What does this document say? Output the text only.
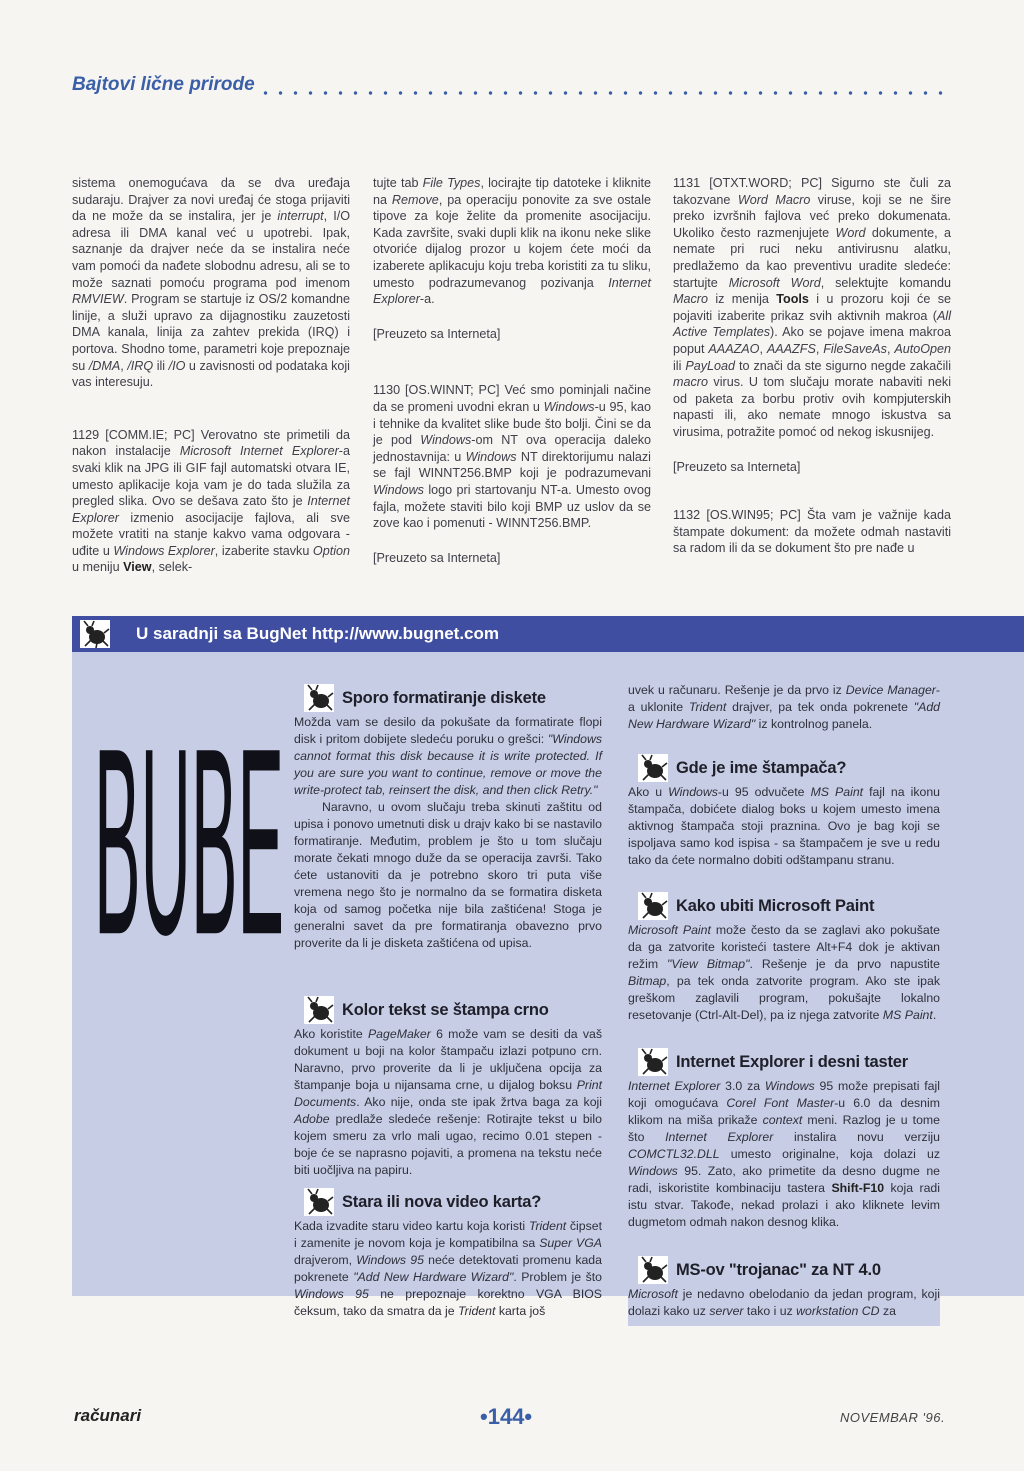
Bajtovi lične prirode

sistema onemogućava da se dva uređaja sudaraju. Drajver za novi uređaj će stoga prijaviti da ne može da se instalira, jer je interrupt, I/O adresa ili DMA kanal već u upotrebi. Ipak, saznanje da drajver neće da se instalira neće vam pomoći da nađete slobodnu adresu, ali se to može saznati pomoću programa pod imenom RMVIEW. Program se startuje iz OS/2 komandne linije, a služi upravo za dijagnostiku zauzetosti DMA kanala, linija za zahtev prekida (IRQ) i portova. Shodno tome, parametri koje prepoznaje su /DMA, /IRQ ili /IO u zavisnosti od podataka koji vas interesuju.

1129 [COMM.IE; PC] Verovatno ste primetili da nakon instalacije Microsoft Internet Explorer-a svaki klik na JPG ili GIF fajl automatski otvara IE, umesto aplikacije koja vam je do tada služila za pregled slika. Ovo se dešava zato što je Internet Explorer izmenio asocijacije fajlova, ali sve možete vratiti na stanje kakvo vama odgovara - uđite u Windows Explorer, izaberite stavku Option u meniju View, selek-

tujte tab File Types, locirajte tip datoteke i kliknite na Remove, pa operaciju ponovite za sve ostale tipove za koje želite da promenite asocijaciju. Kada završite, svaki dupli klik na ikonu neke slike otvoriće dijalog prozor u kojem ćete moći da izaberete aplikacuju koju treba koristiti za tu sliku, umesto podrazumevanog pozivanja Internet Explorer-a.

[Preuzeto sa Interneta]

1130 [OS.WINNT; PC] Već smo pominjali načine da se promeni uvodni ekran u Windows-u 95, kao i tehnike da kvalitet slike bude što bolji. Čini se da je pod Windows-om NT ova operacija daleko jednostavnija: u Windows NT direktorijumu nalazi se fajl WINNT256.BMP koji je podrazumevani Windows logo pri startovanju NT-a. Umesto ovog fajla, možete staviti bilo koji BMP uz uslov da se zove kao i pomenuti - WINNT256.BMP.

[Preuzeto sa Interneta]

1131 [OTXT.WORD; PC] Sigurno ste čuli za takozvane Word Macro viruse, koji se ne šire preko izvršnih fajlova već preko dokumenata. Ukoliko često razmenjujete Word dokumente, a nemate pri ruci neku antivirusnu alatku, predlažemo da kao preventivu uradite sledeće: startujte Microsoft Word, selektujte komandu Macro iz menija Tools i u prozoru koji će se pojaviti izaberite prikaz svih aktivnih makroa (All Active Templates). Ako se pojave imena makroa poput AAAZAO, AAAZFS, FileSaveAs, AutoOpen ili PayLoad to znači da ste sigurno negde zakačili macro virus. U tom slučaju morate nabaviti neki od paketa za borbu protiv ovih kompjuterskih napasti ili, ako nemate mnogo iskustva sa virusima, potražite pomoć od nekog iskusnijeg.

[Preuzeto sa Interneta]

1132 [OS.WIN95; PC] Šta vam je važnije kada štampate dokument: da možete odmah nastaviti sa radom ili da se dokument što pre nađe u

U saradnji sa BugNet http://www.bugnet.com
BUBE	Sporo formatiranje diskete

Možda vam se desilo da pokušate da formatirate flopi disk i pritom dobijete sledeću poruku o grešci: "Windows cannot format this disk because it is write protected. If you are sure you want to continue, remove or move the write-protect tab, reinsert the disk, and then click Retry."

Naravno, u ovom slučaju treba skinuti zaštitu od upisa i ponovo umetnuti disk u drajv kako bi se nastavilo formatiranje. Međutim, problem je što u tom slučaju morate čekati mnogo duže da se operacija završi. Tako ćete ustanoviti da je potrebno skoro tri puta više vremena nego što je normalno da se formatira disketa koja od samog početka nije bila zaštićena! Stoga je generalni savet da pre formatiranja obavezno prvo proverite da li je disketa zaštićena od upisa.

Kolor tekst se štampa crno

Ako koristite PageMaker 6 može vam se desiti da vaš dokument u boji na kolor štampaču izlazi potpuno crn. Naravno, prvo proverite da li je uključena opcija za štampanje boja u nijansama crne, u dijalog boksu Print Documents. Ako nije, onda ste ipak žrtva baga za koji Adobe predlaže sledeće rešenje: Rotirajte tekst u bilo kojem smeru za vrlo mali ugao, recimo 0.01 stepen - boje će se naprasno pojaviti, a promena na tekstu neće biti uočljiva na papiru.

Stara ili nova video karta?

Kada izvadite staru video kartu koja koristi Trident čipset i zamenite je novom koja je kompatibilna sa Super VGA drajverom, Windows 95 neće detektovati promenu kada pokrenete "Add New Hardware Wizard". Problem je što Windows 95 ne prepoznaje korektno VGA BIOS čeksum, tako da smatra da je Trident karta još

uvek u računaru. Rešenje je da prvo iz Device Manager-a uklonite Trident drajver, pa tek onda pokrenete "Add New Hardware Wizard" iz kontrolnog panela.

Gde je ime štampača?

Ako u Windows-u 95 odvučete MS Paint fajl na ikonu štampača, dobićete dialog boks u kojem umesto imena aktivnog štampača stoji praznina. Ovo je bag koji se ispoljava samo kod ispisa - sa štampačem je sve u redu tako da ćete normalno dobiti odštampanu stranu.

Kako ubiti Microsoft Paint

Microsoft Paint može često da se zaglavi ako pokušate da ga zatvorite koristeći tastere Alt+F4 dok je aktivan režim "View Bitmap". Rešenje je da prvo napustite Bitmap, pa tek onda zatvorite program. Ako ste ipak greškom zaglavili program, pokušajte lokalno resetovanje (Ctrl-Alt-Del), pa iz njega zatvorite MS Paint.

Internet Explorer i desni taster

Internet Explorer 3.0 za Windows 95 može prepisati fajl koji omogućava Corel Font Master-u 6.0 da desnim klikom na miša prikaže context meni. Razlog je u tome što Internet Explorer instalira novu verziju COMCTL32.DLL umesto originalne, koja dolazi uz Windows 95. Zato, ako primetite da desno dugme ne radi, iskoristite kombinaciju tastera Shift-F10 koja radi istu stvar. Takođe, nekad prolazi i ako kliknete levim dugmetom odmah nakon desnog klika.

MS-ov "trojanac" za NT 4.0

Microsoft je nedavno obelodanio da jedan program, koji dolazi kako uz server tako i uz workstation CD za

računari	•144•	NOVEMBAR '96.
